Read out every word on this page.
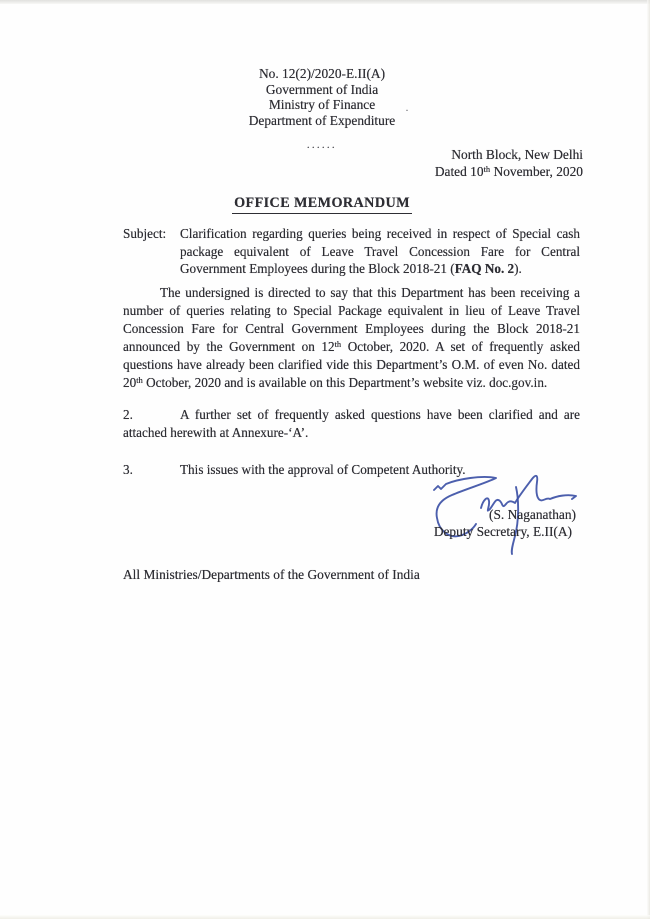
No. 12(2)/2020-E.II(A)
Government of India
Ministry of Finance
Department of Expenditure
......
·
North Block, New Delhi
Dated 10th November, 2020
OFFICE MEMORANDUM
Subject:	Clarification regarding queries being received in respect of Special cash package equivalent of Leave Travel Concession Fare for Central Government Employees during the Block 2018-21 (FAQ No. 2).
The undersigned is directed to say that this Department has been receiving a number of queries relating to Special Package equivalent in lieu of Leave Travel Concession Fare for Central Government Employees during the Block 2018-21 announced by the Government on 12th October, 2020. A set of frequently asked questions have already been clarified vide this Department’s O.M. of even No. dated 20th October, 2020 and is available on this Department’s website viz. doc.gov.in.
2.	A further set of frequently asked questions have been clarified and are attached herewith at Annexure-‘A’.
3.	This issues with the approval of Competent Authority.
(S. Naganathan)
Deputy Secretary, E.II(A)
All Ministries/Departments of the Government of India
